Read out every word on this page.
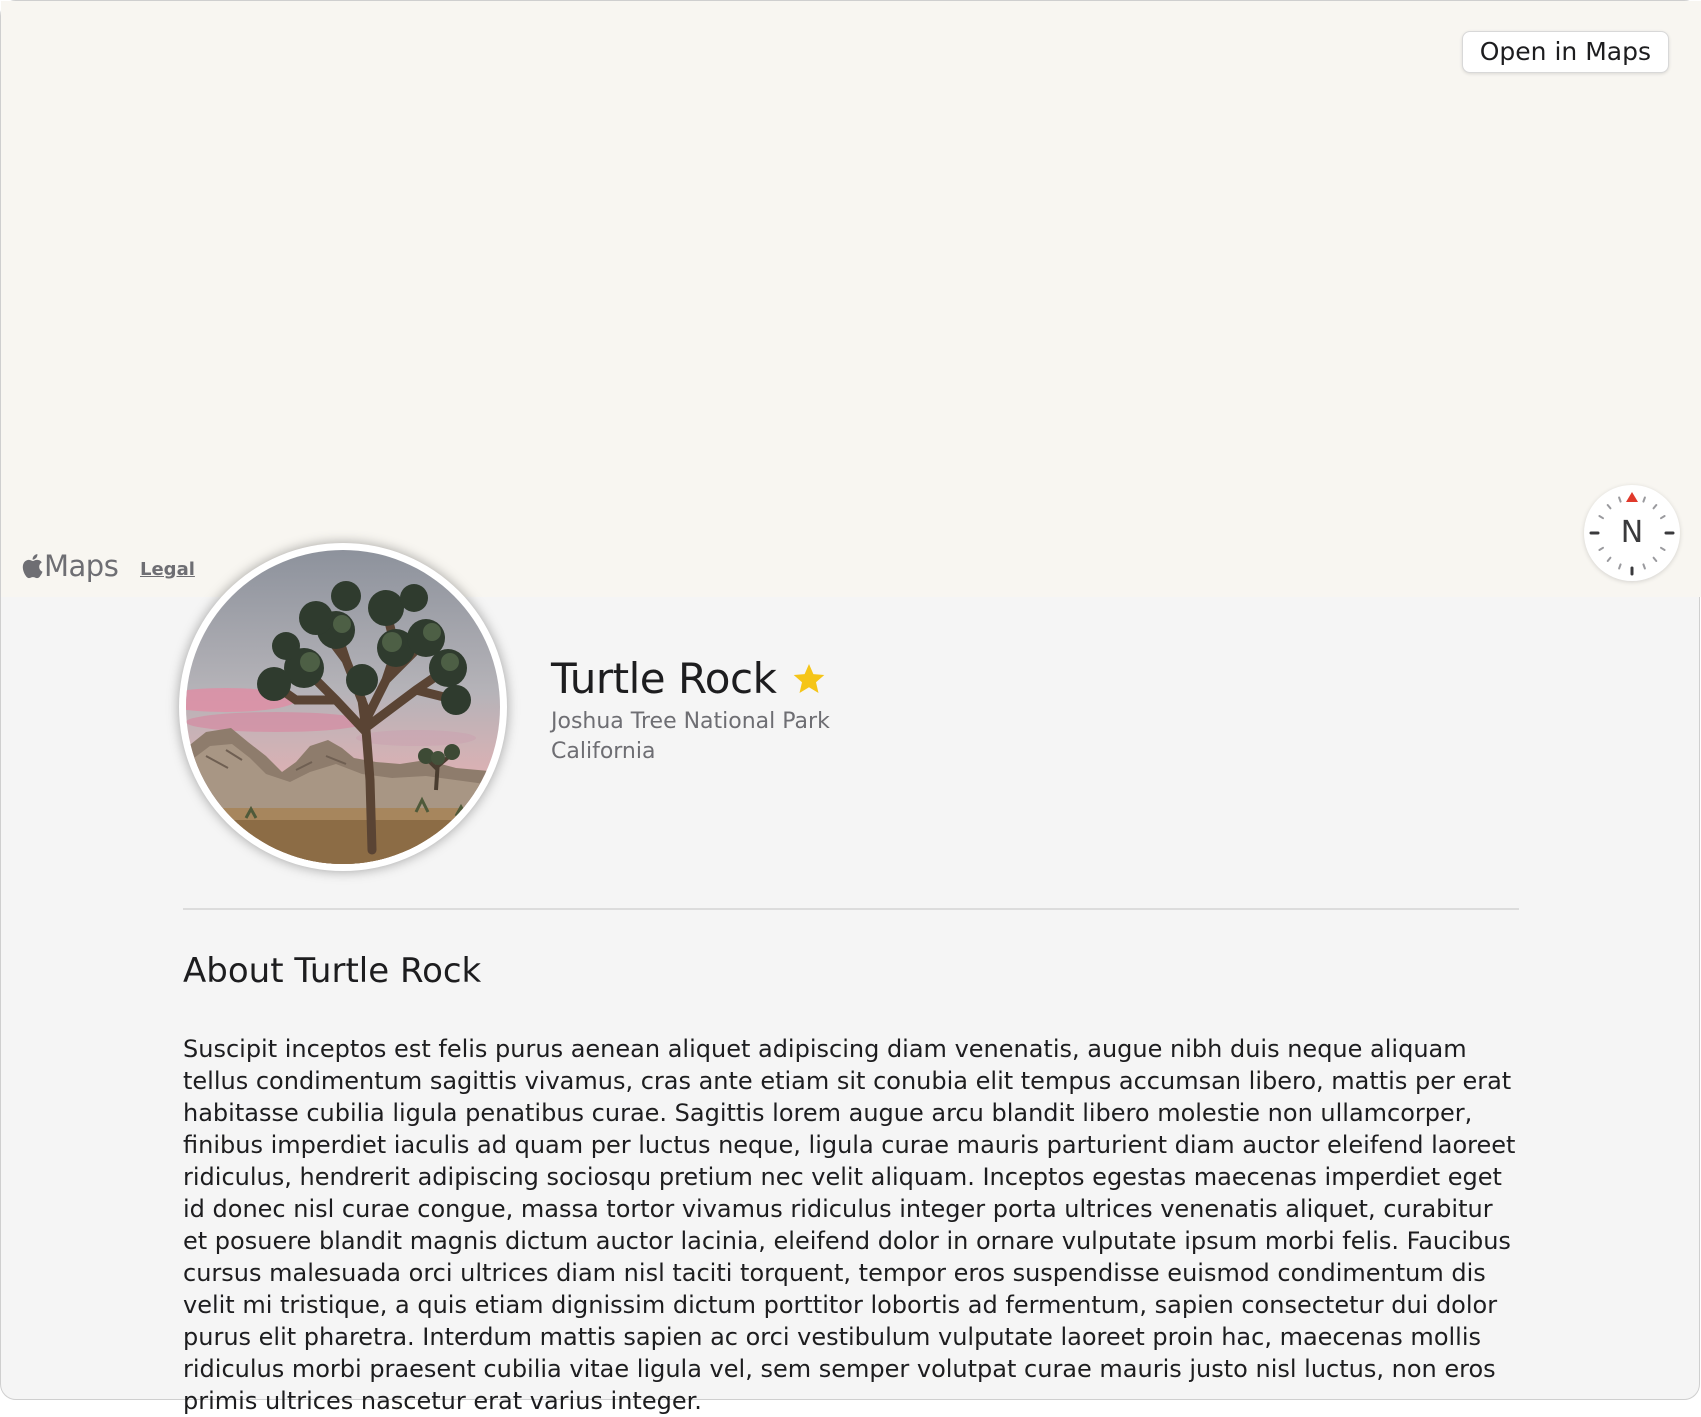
Open in Maps
N
Maps Legal
Turtle Rock
Joshua Tree National Park
California
About Turtle Rock

Suscipit inceptos est felis purus aenean aliquet adipiscing diam venenatis, augue nibh duis neque aliquam tellus condimentum sagittis vivamus, cras ante etiam sit conubia elit tempus accumsan libero, mattis per erat habitasse cubilia ligula penatibus curae. Sagittis lorem augue arcu blandit libero molestie non ullamcorper, finibus imperdiet iaculis ad quam per luctus neque, ligula curae mauris parturient diam auctor eleifend laoreet ridiculus, hendrerit adipiscing sociosqu pretium nec velit aliquam. Inceptos egestas maecenas imperdiet eget id donec nisl curae congue, massa tortor vivamus ridiculus integer porta ultrices venenatis aliquet, curabitur et posuere blandit magnis dictum auctor lacinia, eleifend dolor in ornare vulputate ipsum morbi felis. Faucibus cursus malesuada orci ultrices diam nisl taciti torquent, tempor eros suspendisse euismod condimentum dis velit mi tristique, a quis etiam dignissim dictum porttitor lobortis ad fermentum, sapien consectetur dui dolor purus elit pharetra. Interdum mattis sapien ac orci vestibulum vulputate laoreet proin hac, maecenas mollis ridiculus morbi praesent cubilia vitae ligula vel, sem semper volutpat curae mauris justo nisl luctus, non eros primis ultrices nascetur erat varius integer.
